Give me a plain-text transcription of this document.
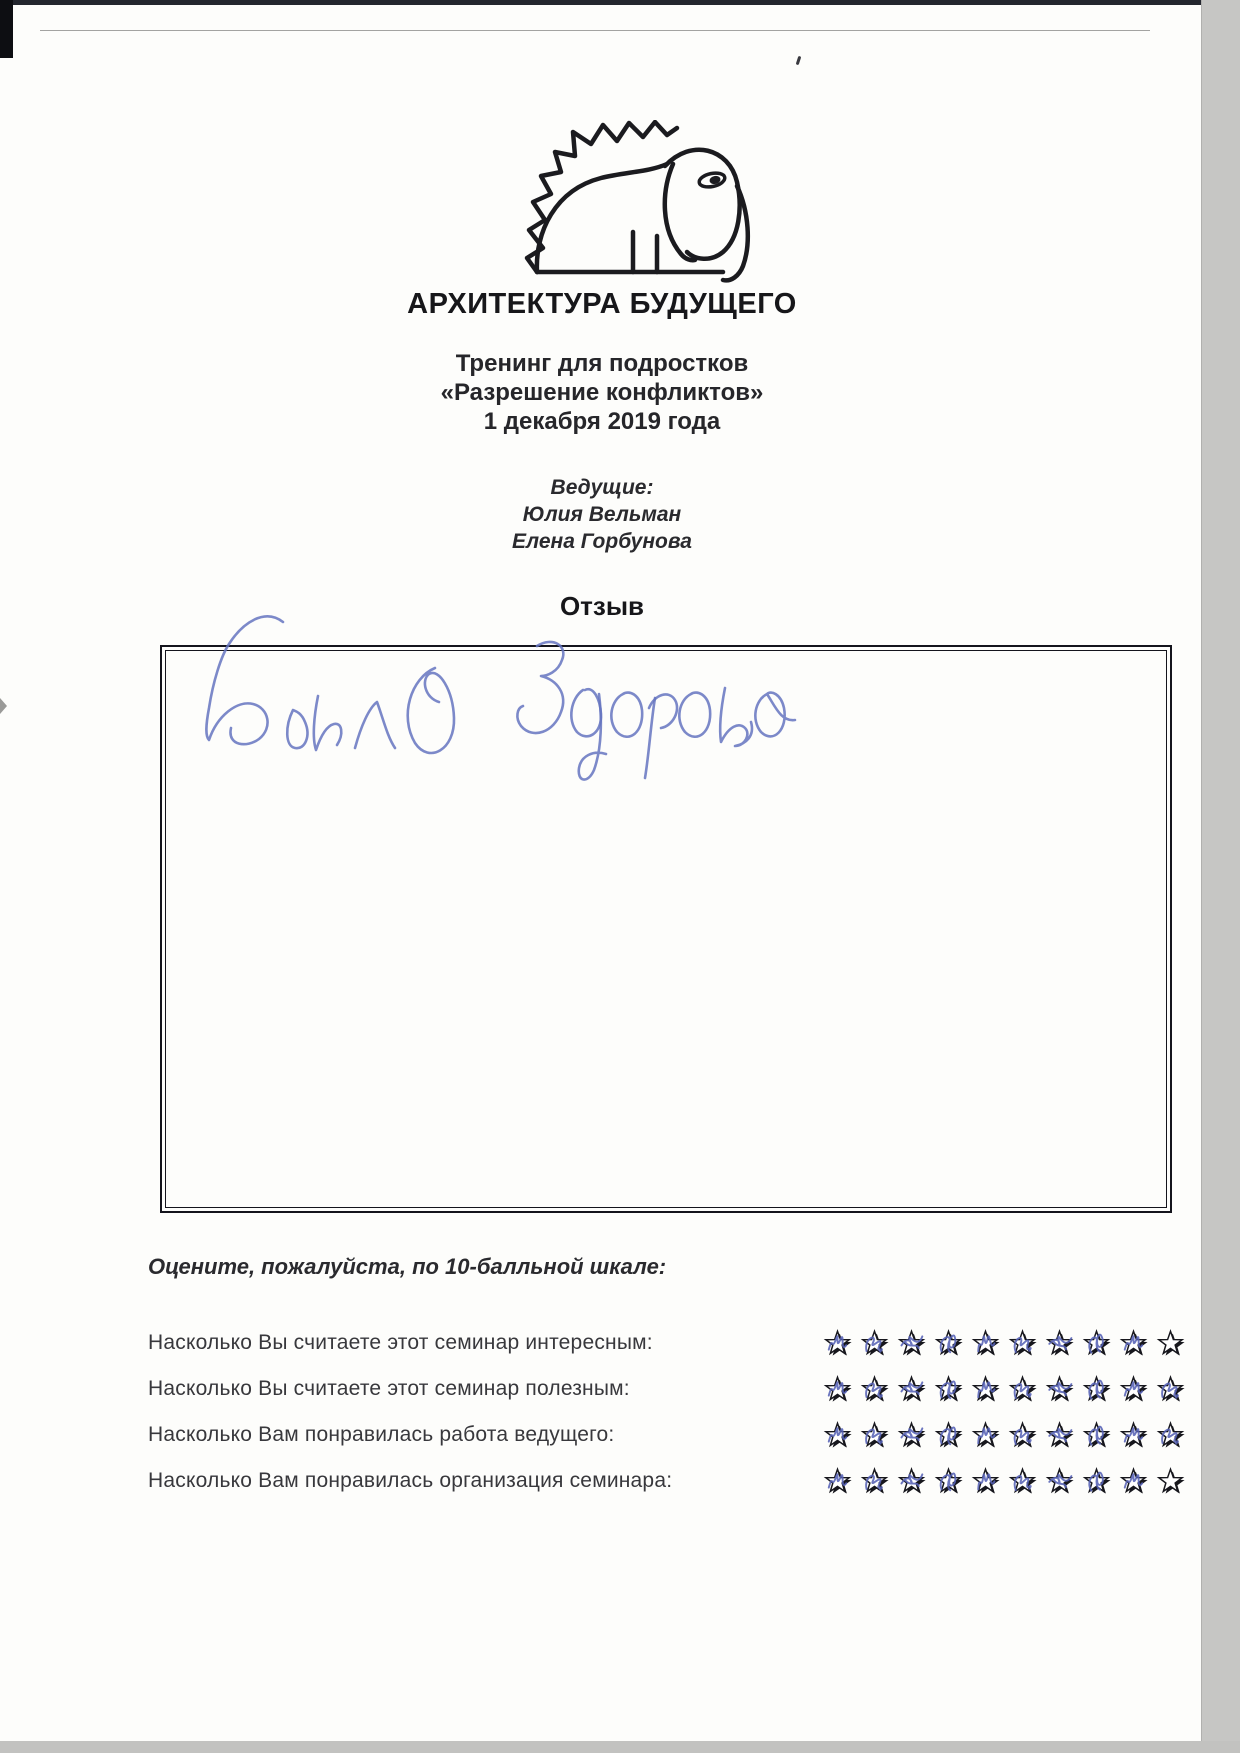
АРХИТЕКТУРА БУДУЩЕГО
Тренинг для подростков
«Разрешение конфликтов»
1 декабря 2019 года
Ведущие:
Юлия Вельман
Елена Горбунова
Отзыв
Оцените, пожалуйста, по 10-балльной шкале:
Насколько Вы считаете этот семинар интересным:
Насколько Вы считаете этот семинар полезным:
Насколько Вам понравилась работа ведущего:
Насколько Вам понравилась организация семинара:
